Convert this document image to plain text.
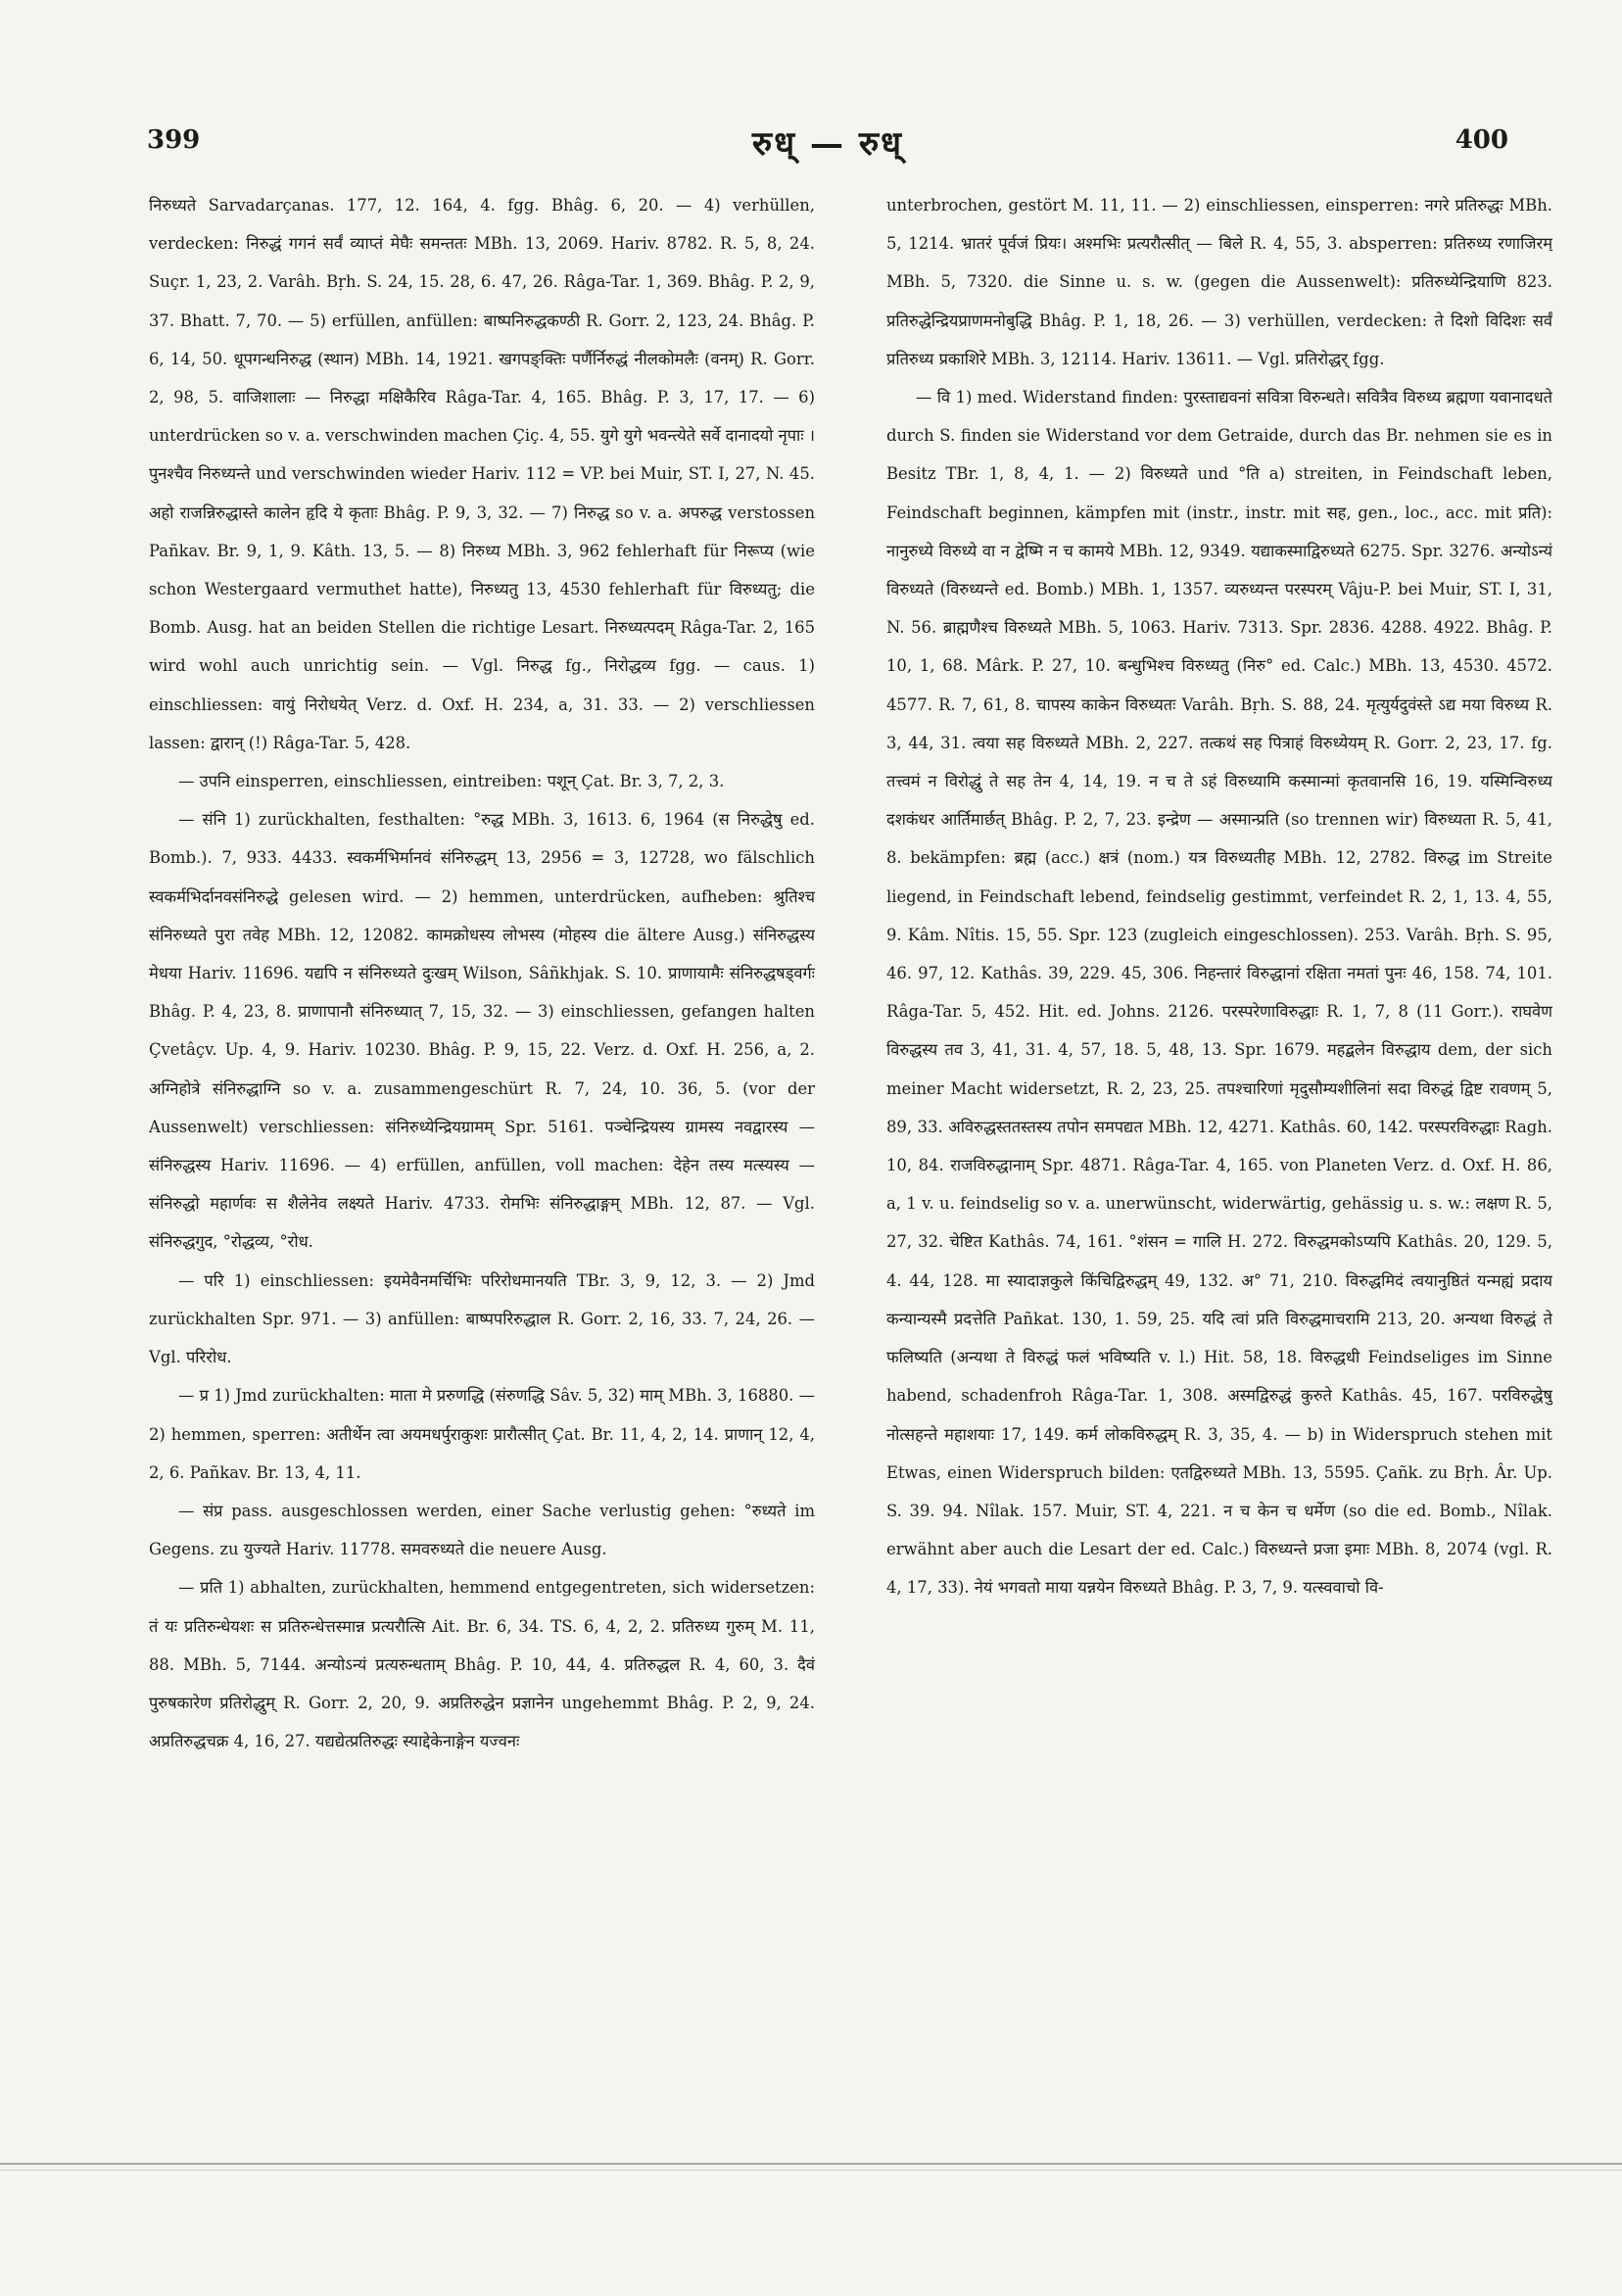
399	रुध् — रुध्	400

निरुध्यते Sarvadarçanas. 177, 12. 164, 4. fgg. Bhâg. 6, 20. — 4) verhüllen, verdecken: निरुद्धं गगनं सर्वं व्याप्तं मेघैः समन्ततः MBh. 13, 2069. Hariv. 8782. R. 5, 8, 24. Suçr. 1, 23, 2. Varâh. Bṛh. S. 24, 15. 28, 6. 47, 26. Râga-Tar. 1, 369. Bhâg. P. 2, 9, 37. Bhatt. 7, 70. — 5) erfüllen, anfüllen: बाष्पनिरुद्धकण्ठी R. Gorr. 2, 123, 24. Bhâg. P. 6, 14, 50. धूपगन्धनिरुद्ध (स्थान) MBh. 14, 1921. खगपङ्क्तिः पर्णैर्निरुद्धं नीलकोमलैः (वनम्) R. Gorr. 2, 98, 5. वाजिशालाः — निरुद्धा मक्षिकैरिव Râga-Tar. 4, 165. Bhâg. P. 3, 17, 17. — 6) unterdrücken so v. a. verschwinden machen Çiç. 4, 55. युगे युगे भवन्त्येते सर्वे दानादयो नृपाः । पुनश्चैव निरुध्यन्ते und verschwinden wieder Hariv. 112 = VP. bei Muir, ST. I, 27, N. 45. अहो राजन्निरुद्धास्ते कालेन हृदि ये कृताः Bhâg. P. 9, 3, 32. — 7) निरुद्ध so v. a. अपरुद्ध verstossen Pañkav. Br. 9, 1, 9. Kâth. 13, 5. — 8) निरुध्य MBh. 3, 962 fehlerhaft für निरूप्य (wie schon Westergaard vermuthet hatte), निरुध्यतु 13, 4530 fehlerhaft für विरुध्यतु; die Bomb. Ausg. hat an beiden Stellen die richtige Lesart. निरुध्यत्पदम् Râga-Tar. 2, 165 wird wohl auch unrichtig sein. — Vgl. निरुद्ध fg., निरोद्धव्य fgg. — caus. 1) einschliessen: वायुं निरोधयेत् Verz. d. Oxf. H. 234, a, 31. 33. — 2) verschliessen lassen: द्वारान् (!) Râga-Tar. 5, 428.

— उपनि einsperren, einschliessen, eintreiben: पशून् Çat. Br. 3, 7, 2, 3.

— संनि 1) zurückhalten, festhalten: °रुद्ध MBh. 3, 1613. 6, 1964 (स निरुद्धेषु ed. Bomb.). 7, 933. 4433. स्वकर्मभिर्मानवं संनिरुद्धम् 13, 2956 = 3, 12728, wo fälschlich स्वकर्मभिर्दानवसंनिरुद्धे gelesen wird. — 2) hemmen, unterdrücken, aufheben: श्रुतिश्च संनिरुध्यते पुरा तवेह MBh. 12, 12082. कामक्रोधस्य लोभस्य (मोहस्य die ältere Ausg.) संनिरुद्धस्य मेधया Hariv. 11696. यद्यपि न संनिरुध्यते दुःखम् Wilson, Sâñkhjak. S. 10. प्राणायामैः संनिरुद्धषड्वर्गः Bhâg. P. 4, 23, 8. प्राणापानौ संनिरुध्यात् 7, 15, 32. — 3) einschliessen, gefangen halten Çvetâçv. Up. 4, 9. Hariv. 10230. Bhâg. P. 9, 15, 22. Verz. d. Oxf. H. 256, a, 2. अग्निहोत्रे संनिरुद्धाग्नि so v. a. zusammengeschürt R. 7, 24, 10. 36, 5. (vor der Aussenwelt) verschliessen: संनिरुध्येन्द्रियग्रामम् Spr. 5161. पञ्चेन्द्रियस्य ग्रामस्य नवद्वारस्य — संनिरुद्धस्य Hariv. 11696. — 4) erfüllen, anfüllen, voll machen: देहेन तस्य मत्स्यस्य — संनिरुद्धो महार्णवः स शैलेनेव लक्ष्यते Hariv. 4733. रोमभिः संनिरुद्धाङ्गम् MBh. 12, 87. — Vgl. संनिरुद्धगुद, °रोद्धव्य, °रोध.

— परि 1) einschliessen: इयमेवैनमर्चिभिः परिरोधमानयति TBr. 3, 9, 12, 3. — 2) Jmd zurückhalten Spr. 971. — 3) anfüllen: बाष्पपरिरुद्धाल R. Gorr. 2, 16, 33. 7, 24, 26. — Vgl. परिरोध.

— प्र 1) Jmd zurückhalten: माता मे प्ररुणद्धि (संरुणद्धि Sâv. 5, 32) माम् MBh. 3, 16880. — 2) hemmen, sperren: अतीर्थेन त्वा अयमधर्पुराकुशः प्रारौत्सीत् Çat. Br. 11, 4, 2, 14. प्राणान् 12, 4, 2, 6. Pañkav. Br. 13, 4, 11.

— संप्र pass. ausgeschlossen werden, einer Sache verlustig gehen: °रुध्यते im Gegens. zu युज्यते Hariv. 11778. समवरुध्यते die neuere Ausg.

— प्रति 1) abhalten, zurückhalten, hemmend entgegentreten, sich widersetzen: तं यः प्रतिरुन्धेयशः स प्रतिरुन्धेत्तस्मान्न प्रत्यरौत्सि Ait. Br. 6, 34. TS. 6, 4, 2, 2. प्रतिरुध्य गुरुम् M. 11, 88. MBh. 5, 7144. अन्योऽन्यं प्रत्यरुन्धताम् Bhâg. P. 10, 44, 4. प्रतिरुद्धल R. 4, 60, 3. दैवं पुरुषकारेण प्रतिरोद्धुम् R. Gorr. 2, 20, 9. अप्रतिरुद्धेन प्रज्ञानेन ungehemmt Bhâg. P. 2, 9, 24. अप्रतिरुद्धचक्र 4, 16, 27. यद्यद्येत्प्रतिरुद्धः स्याद्देकेनाङ्गेन यज्वनः

unterbrochen, gestört M. 11, 11. — 2) einschliessen, einsperren: नगरे प्रतिरुद्धः MBh. 5, 1214. भ्रातरं पूर्वजं प्रियः। अश्मभिः प्रत्यरौत्सीत् — बिले R. 4, 55, 3. absperren: प्रतिरुध्य रणाजिरम् MBh. 5, 7320. die Sinne u. s. w. (gegen die Aussenwelt): प्रतिरुध्येन्द्रियाणि 823. प्रतिरुद्धेन्द्रियप्राणमनोबुद्धि Bhâg. P. 1, 18, 26. — 3) verhüllen, verdecken: ते दिशो विदिशः सर्वं प्रतिरुध्य प्रकाशिरे MBh. 3, 12114. Hariv. 13611. — Vgl. प्रतिरोद्धर् fgg.

— वि 1) med. Widerstand finden: पुरस्ताद्यवनां सवित्रा विरुन्धते। सवित्रैव विरुध्य ब्रह्मणा यवानादधते durch S. finden sie Widerstand vor dem Getraide, durch das Br. nehmen sie es in Besitz TBr. 1, 8, 4, 1. — 2) विरुध्यते und °ति a) streiten, in Feindschaft leben, Feindschaft beginnen, kämpfen mit (instr., instr. mit सह, gen., loc., acc. mit प्रति): नानुरुध्ये विरुध्ये वा न द्वेष्मि न च कामये MBh. 12, 9349. यद्याकस्माद्विरुध्यते 6275. Spr. 3276. अन्योऽन्यं विरुध्यते (विरुध्यन्ते ed. Bomb.) MBh. 1, 1357. व्यरुध्यन्त परस्परम् Vâju-P. bei Muir, ST. I, 31, N. 56. ब्राह्मणैश्च विरुध्यते MBh. 5, 1063. Hariv. 7313. Spr. 2836. 4288. 4922. Bhâg. P. 10, 1, 68. Mârk. P. 27, 10. बन्धुभिश्च विरुध्यतु (निरु° ed. Calc.) MBh. 13, 4530. 4572. 4577. R. 7, 61, 8. चापस्य काकेन विरुध्यतः Varâh. Bṛh. S. 88, 24. मृत्युर्यदुवंस्ते ऽद्य मया विरुध्य R. 3, 44, 31. त्वया सह विरुध्यते MBh. 2, 227. तत्कथं सह पित्राहं विरुध्येयम् R. Gorr. 2, 23, 17. fg. तत्त्वमं न विरोद्धुं ते सह तेन 4, 14, 19. न च ते ऽहं विरुध्यामि कस्मान्मां कृतवानसि 16, 19. यस्मिन्विरुध्य दशकंधर आर्तिमार्छत् Bhâg. P. 2, 7, 23. इन्द्रेण — अस्मान्प्रति (so trennen wir) विरुध्यता R. 5, 41, 8. bekämpfen: ब्रह्म (acc.) क्षत्रं (nom.) यत्र विरुध्यतीह MBh. 12, 2782. विरुद्ध im Streite liegend, in Feindschaft lebend, feindselig gestimmt, verfeindet R. 2, 1, 13. 4, 55, 9. Kâm. Nîtis. 15, 55. Spr. 123 (zugleich eingeschlossen). 253. Varâh. Bṛh. S. 95, 46. 97, 12. Kathâs. 39, 229. 45, 306. निहन्तारं विरुद्धानां रक्षिता नमतां पुनः 46, 158. 74, 101. Râga-Tar. 5, 452. Hit. ed. Johns. 2126. परस्परेणाविरुद्धाः R. 1, 7, 8 (11 Gorr.). राघवेण विरुद्धस्य तव 3, 41, 31. 4, 57, 18. 5, 48, 13. Spr. 1679. महद्बलेन विरुद्धाय dem, der sich meiner Macht widersetzt, R. 2, 23, 25. तपश्चारिणां मृदुसौम्यशीलिनां सदा विरुद्धं द्विष्ट रावणम् 5, 89, 33. अविरुद्धस्ततस्तस्य तपोन समपद्यत MBh. 12, 4271. Kathâs. 60, 142. परस्परविरुद्धाः Ragh. 10, 84. राजविरुद्धानाम् Spr. 4871. Râga-Tar. 4, 165. von Planeten Verz. d. Oxf. H. 86, a, 1 v. u. feindselig so v. a. unerwünscht, widerwärtig, gehässig u. s. w.: लक्षण R. 5, 27, 32. चेष्टित Kathâs. 74, 161. °शंसन = गालि H. 272. विरुद्धमकोऽप्यपि Kathâs. 20, 129. 5, 4. 44, 128. मा स्यादाज्ञकुले किंचिद्विरुद्धम् 49, 132. अ° 71, 210. विरुद्धमिदं त्वयानुष्ठितं यन्मह्यं प्रदाय कन्यान्यस्मै प्रदत्तेति Pañkat. 130, 1. 59, 25. यदि त्वां प्रति विरुद्धमाचरामि 213, 20. अन्यथा विरुद्धं ते फलिष्यति (अन्यथा ते विरुद्धं फलं भविष्यति v. l.) Hit. 58, 18. विरुद्धधी Feindseliges im Sinne habend, schadenfroh Râga-Tar. 1, 308. अस्मद्विरुद्धं कुरुते Kathâs. 45, 167. परविरुद्धेषु नोत्सहन्ते महाशयाः 17, 149. कर्म लोकविरुद्धम् R. 3, 35, 4. — b) in Widerspruch stehen mit Etwas, einen Widerspruch bilden: एतद्विरुध्यते MBh. 13, 5595. Çañk. zu Bṛh. Âr. Up. S. 39. 94. Nîlak. 157. Muir, ST. 4, 221. न च केन च धर्मेण (so die ed. Bomb., Nîlak. erwähnt aber auch die Lesart der ed. Calc.) विरुध्यन्ते प्रजा इमाः MBh. 8, 2074 (vgl. R. 4, 17, 33). नेयं भगवतो माया यन्नयेन विरुध्यते Bhâg. P. 3, 7, 9. यत्स्ववाचो वि-
